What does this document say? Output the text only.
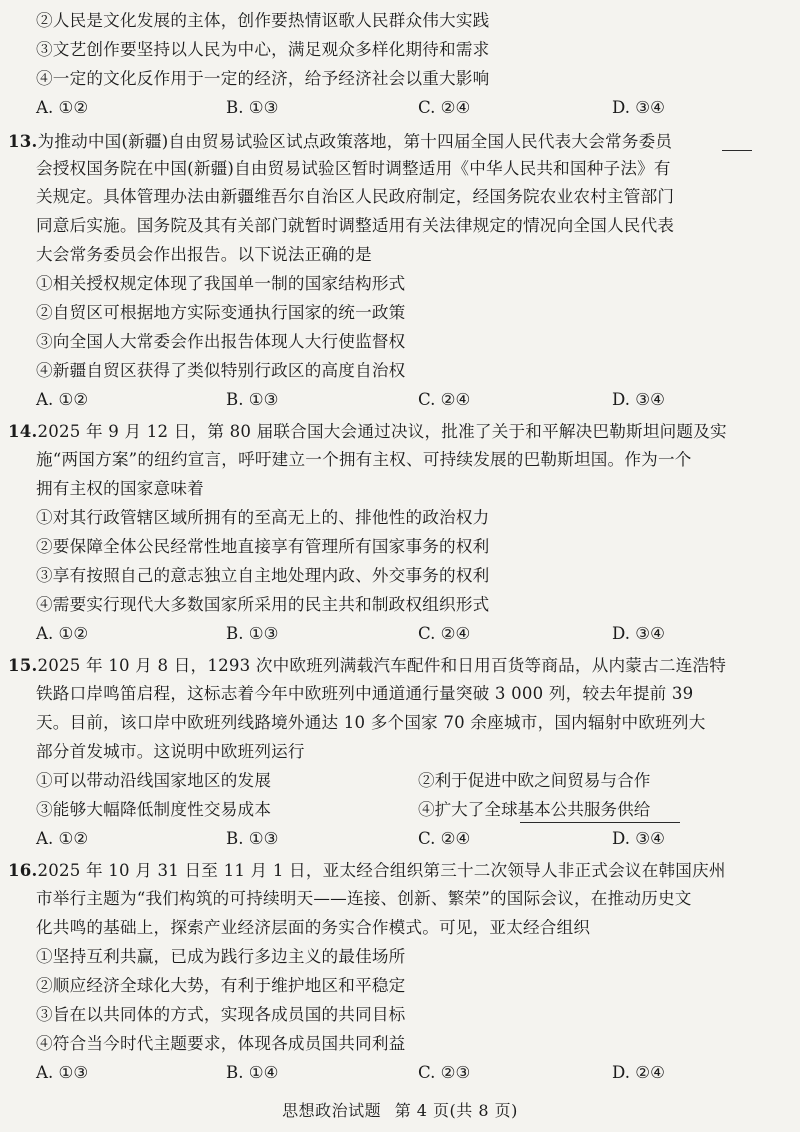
②人民是文化发展的主体，创作要热情讴歌人民群众伟大实践
③文艺创作要坚持以人民为中心，满足观众多样化期待和需求
④一定的文化反作用于一定的经济，给予经济社会以重大影响
A. ①②	B. ①③	C. ②④	D. ③④
13.为推动中国(新疆)自由贸易试验区试点政策落地，第十四届全国人民代表大会常务委员
会授权国务院在中国(新疆)自由贸易试验区暂时调整适用《中华人民共和国种子法》有
关规定。具体管理办法由新疆维吾尔自治区人民政府制定，经国务院农业农村主管部门
同意后实施。国务院及其有关部门就暂时调整适用有关法律规定的情况向全国人民代表
大会常务委员会作出报告。以下说法正确的是
①相关授权规定体现了我国单一制的国家结构形式
②自贸区可根据地方实际变通执行国家的统一政策
③向全国人大常委会作出报告体现人大行使监督权
④新疆自贸区获得了类似特别行政区的高度自治权
A. ①②	B. ①③	C. ②④	D. ③④
14.2025 年 9 月 12 日，第 80 届联合国大会通过决议，批准了关于和平解决巴勒斯坦问题及实
施“两国方案”的纽约宣言，呼吁建立一个拥有主权、可持续发展的巴勒斯坦国。作为一个
拥有主权的国家意味着
①对其行政管辖区域所拥有的至高无上的、排他性的政治权力
②要保障全体公民经常性地直接享有管理所有国家事务的权利
③享有按照自己的意志独立自主地处理内政、外交事务的权利
④需要实行现代大多数国家所采用的民主共和制政权组织形式
A. ①②	B. ①③	C. ②④	D. ③④
15.2025 年 10 月 8 日，1293 次中欧班列满载汽车配件和日用百货等商品，从内蒙古二连浩特
铁路口岸鸣笛启程，这标志着今年中欧班列中通道通行量突破 3 000 列，较去年提前 39
天。目前，该口岸中欧班列线路境外通达 10 多个国家 70 余座城市，国内辐射中欧班列大
部分首发城市。这说明中欧班列运行
①可以带动沿线国家地区的发展	②利于促进中欧之间贸易与合作
③能够大幅降低制度性交易成本	④扩大了全球基本公共服务供给
A. ①②	B. ①③	C. ②④	D. ③④
16.2025 年 10 月 31 日至 11 月 1 日，亚太经合组织第三十二次领导人非正式会议在韩国庆州
市举行主题为“我们构筑的可持续明天——连接、创新、繁荣”的国际会议，在推动历史文
化共鸣的基础上，探索产业经济层面的务实合作模式。可见，亚太经合组织
①坚持互利共赢，已成为践行多边主义的最佳场所
②顺应经济全球化大势，有利于维护地区和平稳定
③旨在以共同体的方式，实现各成员国的共同目标
④符合当今时代主题要求，体现各成员国共同利益
A. ①③	B. ①④	C. ②③	D. ②④
思想政治试题 第 4 页(共 8 页)
